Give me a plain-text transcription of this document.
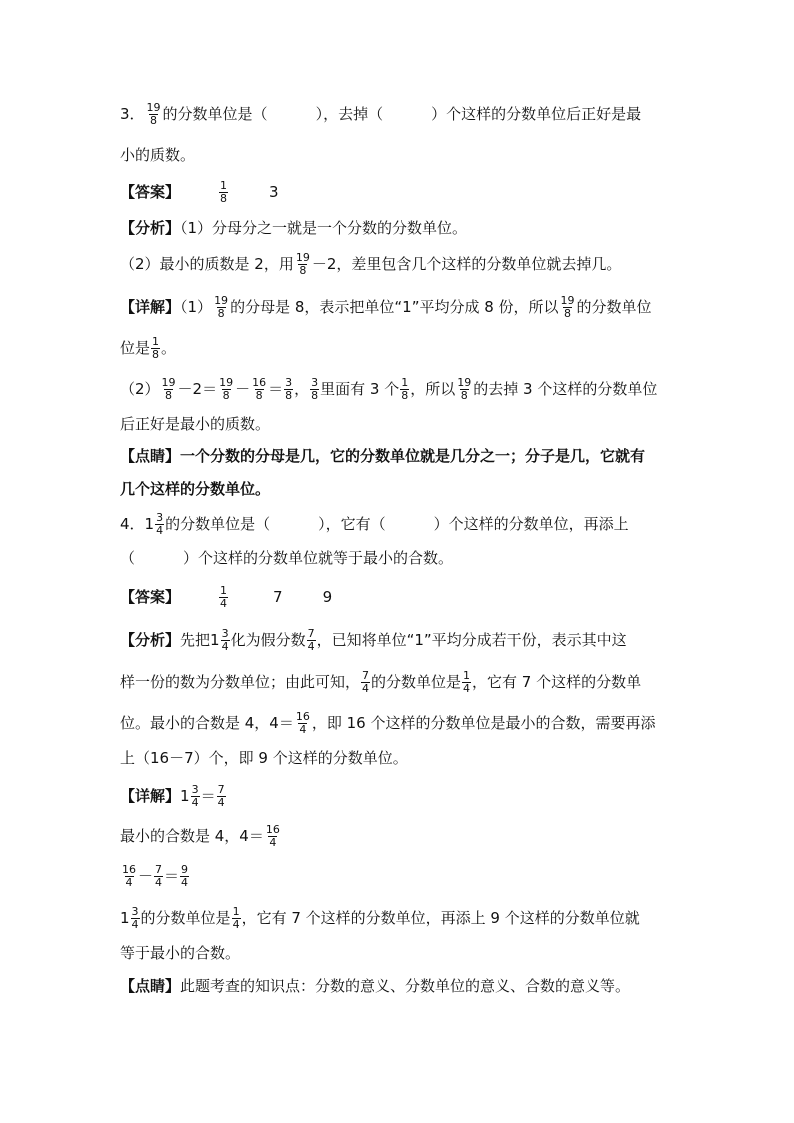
3． $\frac{19}{8}$ 的分数单位是（	），去掉（	）个这样的分数单位后正好是最
小的质数。
【答案】	$\frac{1}{8}$	3
【分析】（1）分母分之一就是一个分数的分数单位。
（2）最小的质数是 2，用 $\frac{19}{8} -2$，差里包含几个这样的分数单位就去掉几。
【详解】$(1) \frac{19}{8}$ 的分母是 8，表示把单位“1”平均分成 8 份，所以 $\frac{19}{8}$ 的分数单位
位是 $\frac{1}{8}$ 。
$(2) \frac{19}{8} -2= \frac{19}{8} - \frac{16}{8} = \frac{3}{8}$ ， $\frac{3}{8}$ 里面有 3 个 $\frac{1}{8}$ ，所以 $\frac{19}{8}$ 的去掉 3 个这样的分数单位
后正好是最小的质数。
【点睛】一个分数的分母是几，它的分数单位就是几分之一；分子是几，它就有
几个这样的分数单位。
4．$1 \frac{3}{4}$ 的分数单位是（	），它有（	）个这样的分数单位，再添上
（	）个这样的分数单位就等于最小的合数。
【答案】	$\frac{1}{4}$	7	9
【分析】先把$1 \frac{3}{4}$ 化为假分数 $\frac{7}{4}$ ，已知将单位“1”平均分成若干份，表示其中这
样一份的数为分数单位；由此可知， $\frac{7}{4}$ 的分数单位是 $\frac{1}{4}$ ，它有 7 个这样的分数单
位。最小的合数是 4，$4= \frac{16}{4}$ ，即 16 个这样的分数单位是最小的合数，需要再添
上（16－7）个，即 9 个这样的分数单位。
【详解】$1 \frac{3}{4} = \frac{7}{4}$
最小的合数是 4，$4= \frac{16}{4}$
$\frac{16}{4} - \frac{7}{4} = \frac{9}{4}$
$1 \frac{3}{4}$ 的分数单位是 $\frac{1}{4}$ ，它有 7 个这样的分数单位，再添上 9 个这样的分数单位就
等于最小的合数。
【点睛】此题考查的知识点：分数的意义、分数单位的意义、合数的意义等。
